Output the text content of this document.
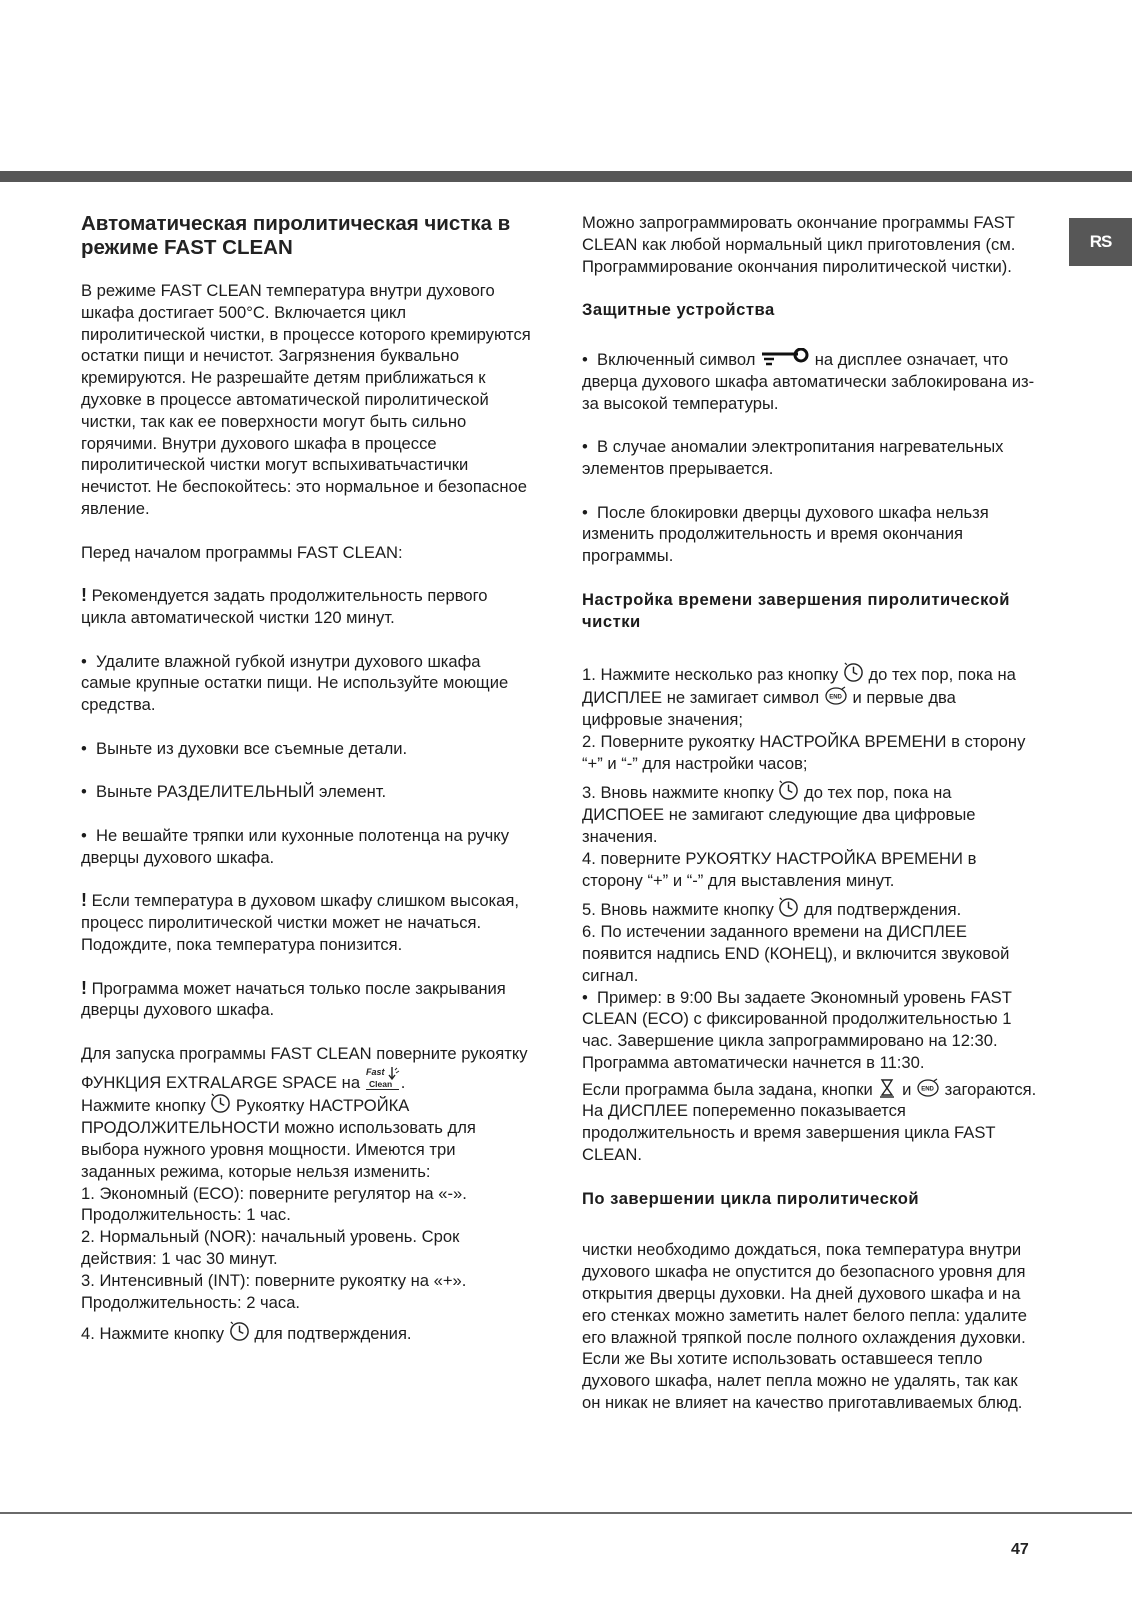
RS
Автоматическая пиролитическая чистка в режиме FAST CLEAN

В режиме FAST CLEAN температура внутри духового шкафа достигает 500°С. Включается цикл пиролитической чистки, в процессе которого кремируются остатки пищи и нечистот. Загрязнения буквально кремируются. Не разрешайте детям приближаться к духовке в процессе автоматической пиролитической чистки, так как ее поверхности могут быть сильно горячими. Внутри духового шкафа в процессе пиролитической чистки могут вспыхиватьчастички нечистот. Не беспокойтесь: это нормальное и безопасное явление.

Перед началом программы FAST CLEAN:

! Рекомендуется задать продолжительность первого цикла автоматической чистки 120 минут.

• Удалите влажной губкой изнутри духового шкафа самые крупные остатки пищи. Не используйте моющие средства.

• Выньте из духовки все съемные детали.

• Выньте РАЗДЕЛИТЕЛЬНЫЙ элемент.

• Не вешайте тряпки или кухонные полотенца на ручку дверцы духового шкафа.

! Если температура в духовом шкафу слишком высокая, процесс пиролитической чистки может не начаться. Подождите, пока температура понизится.

! Программа может начаться только после закрывания дверцы духового шкафа.

Для запуска программы FAST CLEAN поверните рукоятку ФУНКЦИЯ EXTRALARGE SPACE на
Fast
Clean .

Нажмите кнопку Рукоятку НАСТРОЙКА ПРОДОЛЖИТЕЛЬНОСТИ можно использовать для выбора нужного уровня мощности. Имеются три заданных режима, которые нельзя изменить:

1. Экономный (ЕСО): поверните регулятор на «-». Продолжительность: 1 час.

2. Нормальный (NOR): начальный уровень. Срок действия: 1 час 30 минут.

3. Интенсивный (INT): поверните рукоятку на «+». Продолжительность: 2 часа.

4. Нажмите кнопку для подтверждения.

Можно запрограммировать окончание программы FAST CLEAN как любой нормальный цикл приготовления (см. Программирование окончания пиролитической чистки).

Защитные устройства

• Включенный символ	на дисплее означает, что дверца духового шкафа автоматически заблокирована из-за высокой температуры.

• В случае аномалии электропитания нагревательных элементов прерывается.

• После блокировки дверцы духового шкафа нельзя изменить продолжительность и время окончания программы.

Настройка времени завершения пиролитической чистки

1. Нажмите несколько раз кнопку до тех пор, пока на ДИСПЛЕЕ не замигает символ END и первые два цифровые значения;

2. Поверните рукоятку НАСТРОЙКА ВРЕМЕНИ в сторону “+” и “-” для настройки часов;

3. Вновь нажмите кнопку до тех пор, пока на ДИСПОЕЕ не замигают следующие два цифровые значения.

4. поверните РУКОЯТКУ НАСТРОЙКА ВРЕМЕНИ в сторону “+” и “-” для выставления минут.

5. Вновь нажмите кнопку для подтверждения.

6. По истечении заданного времени на ДИСПЛЕЕ появится надпись END (КОНЕЦ), и включится звуковой сигнал.

• Пример: в 9:00 Вы задаете Экономный уровень FAST CLEAN (ECO) с фиксированной продолжительностью 1 час. Завершение цикла запрограммировано на 12:30. Программа автоматически начнется в 11:30.

Если программа была задана, кнопки и END загораются. На ДИСПЛЕЕ попеременно показывается продолжительность и время завершения цикла FAST CLEAN.

По завершении цикла пиролитической

чистки необходимо дождаться, пока температура внутри духового шкафа не опустится до безопасного уровня для открытия дверцы духовки. На дней духового шкафа и на его стенках можно заметить налет белого пепла: удалите его влажной тряпкой после полного охлаждения духовки. Если же Вы хотите использовать оставшееся тепло духового шкафа, налет пепла можно не удалять, так как он никак не влияет на качество приготавливаемых блюд.

47
